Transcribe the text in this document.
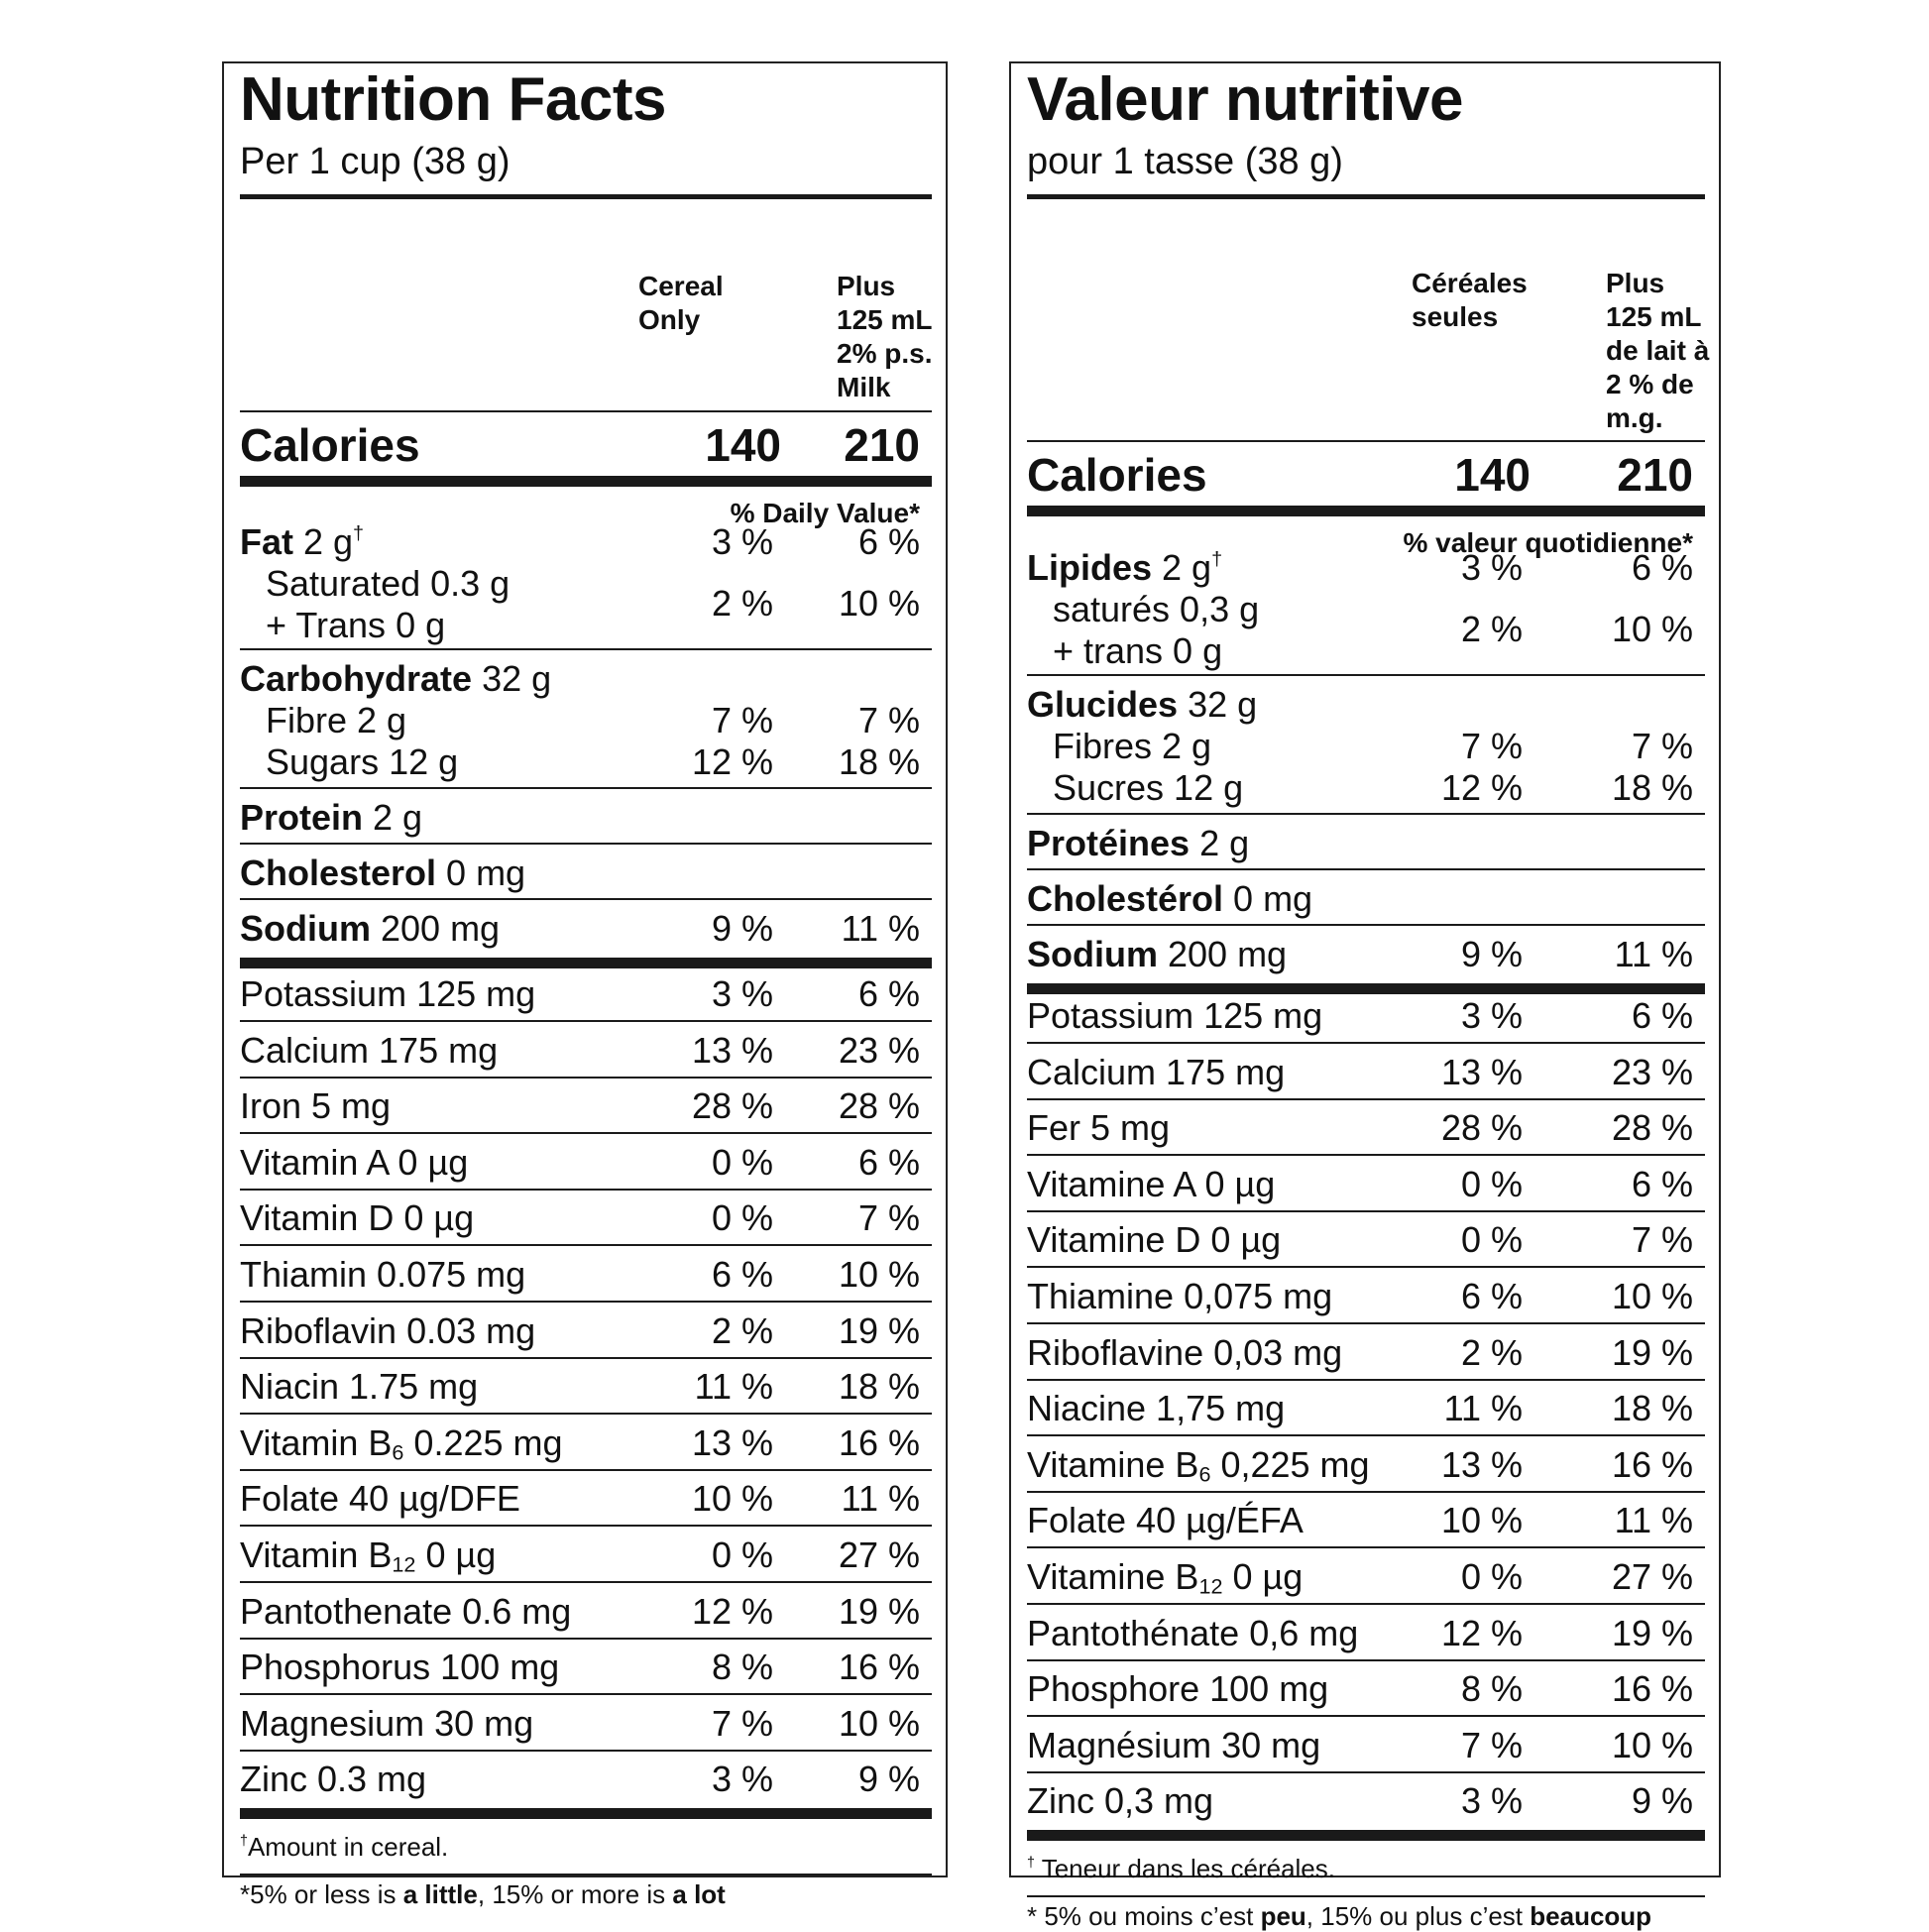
Nutrition Facts
Per 1 cup (38 g)
Cereal
Only
Plus
125 mL
2% p.s.
Milk
Calories	140 210
% Daily Value*
Fat 2 g†	3 % 6 %
Saturated 0.3 g
+ Trans 0 g
2 % 10 %
Carbohydrate 32 g
Fibre 2 g	7 % 7 %
Sugars 12 g	12 % 18 %
Protein 2 g
Cholesterol 0 mg
Sodium 200 mg	9 % 11 %
Potassium 125 mg	3 % 6 %
Calcium 175 mg	13 % 23 %
Iron 5 mg	28 % 28 %
Vitamin A 0 µg	0 % 6 %
Vitamin D 0 µg	0 % 7 %
Thiamin 0.075 mg	6 % 10 %
Riboflavin 0.03 mg	2 % 19 %
Niacin 1.75 mg	11 % 18 %
Vitamin $B_6$ 0.225 mg	13 % 16 %
Folate 40 µg/DFE	10 % 11 %
Vitamin $B_{12}$ 0 µg	0 % 27 %
Pantothenate 0.6 mg	12 % 19 %
Phosphorus 100 mg	8 % 16 %
Magnesium 30 mg	7 % 10 %
Zinc 0.3 mg	3 % 9 %
†Amount in cereal.
*5% or less is a little, 15% or more is a lot
Valeur nutritive
pour 1 tasse (38 g)
Céréales
seules
Plus
125 mL
de lait à
2 % de
m.g.
Calories	140 210
% valeur quotidienne*
Lipides 2 g†	3 %	6 %
saturés 0,3 g
+ trans 0 g
2 % 10 %
Glucides 32 g
Fibres 2 g	7 %	7 %
Sucres 12 g	12 % 18 %
Protéines 2 g
Cholestérol 0 mg
Sodium 200 mg	9 %	11 %
Potassium 125 mg	3 %	6 %
Calcium 175 mg	13 % 23 %
Fer 5 mg	28 % 28 %
Vitamine A 0 µg	0 %	6 %
Vitamine D 0 µg	0 %	7 %
Thiamine 0,075 mg	6 % 10 %
Riboflavine 0,03 mg	2 % 19 %
Niacine 1,75 mg	11 % 18 %
Vitamine $B_6$ 0,225 mg 13 % 16 %
Folate 40 µg/ÉFA	10 %	11 %
Vitamine $B_{12}$ 0 µg	0 % 27 %
Pantothénate 0,6 mg 12 % 19 %
Phosphore 100 mg	8 % 16 %
Magnésium 30 mg	7 % 10 %
Zinc 0,3 mg	3 %	9 %
† Teneur dans les céréales.
* 5% ou moins c’est peu, 15% ou plus c’est beaucoup
